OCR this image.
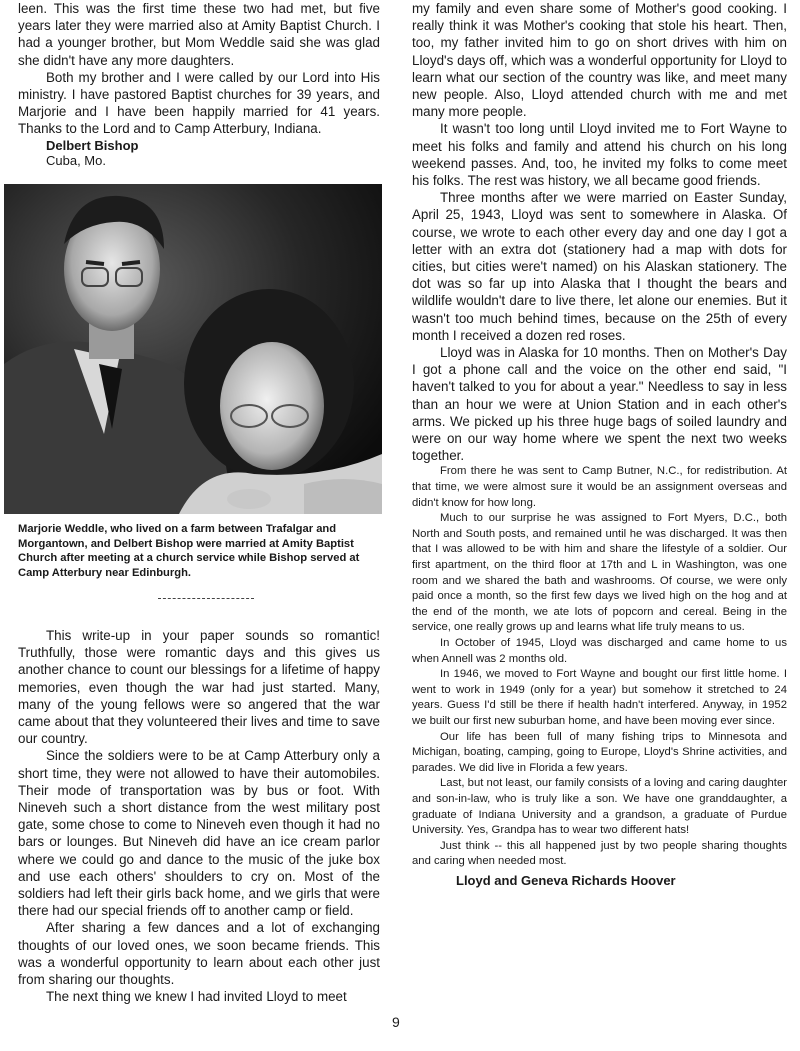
leen. This was the first time these two had met, but five years later they were married also at Amity Baptist Church. I had a younger brother, but Mom Weddle said she was glad she didn't have any more daughters.

Both my brother and I were called by our Lord into His ministry. I have pastored Baptist churches for 39 years, and Marjorie and I have been happily married for 41 years. Thanks to the Lord and to Camp Atterbury, Indiana.

Delbert Bishop
Cuba, Mo.
Marjorie Weddle, who lived on a farm between Trafalgar and Morgantown, and Delbert Bishop were married at Amity Baptist Church after meeting at a church service while Bishop served at Camp Atterbury near Edinburgh.

This write-up in your paper sounds so romantic! Truthfully, those were romantic days and this gives us another chance to count our blessings for a lifetime of happy memories, even though the war had just started. Many, many of the young fellows were so angered that the war came about that they volunteered their lives and time to save our country.

Since the soldiers were to be at Camp Atterbury only a short time, they were not allowed to have their automobiles. Their mode of transportation was by bus or foot. With Nineveh such a short distance from the west military post gate, some chose to come to Nineveh even though it had no bars or lounges. But Nineveh did have an ice cream parlor where we could go and dance to the music of the juke box and use each others' shoulders to cry on. Most of the soldiers had left their girls back home, and we girls that were there had our special friends off to another camp or field.

After sharing a few dances and a lot of exchanging thoughts of our loved ones, we soon became friends. This was a wonderful opportunity to learn about each other just from sharing our thoughts.

The next thing we knew I had invited Lloyd to meet

my family and even share some of Mother's good cooking. I really think it was Mother's cooking that stole his heart. Then, too, my father invited him to go on short drives with him on Lloyd's days off, which was a wonderful opportunity for Lloyd to learn what our section of the country was like, and meet many new people. Also, Lloyd attended church with me and met many more people.

It wasn't too long until Lloyd invited me to Fort Wayne to meet his folks and family and attend his church on his long weekend passes. And, too, he invited my folks to come meet his folks. The rest was history, we all became good friends.

Three months after we were married on Easter Sunday, April 25, 1943, Lloyd was sent to somewhere in Alaska. Of course, we wrote to each other every day and one day I got a letter with an extra dot (stationery had a map with dots for cities, but cities were't named) on his Alaskan stationery. The dot was so far up into Alaska that I thought the bears and wildlife wouldn't dare to live there, let alone our enemies. But it wasn't too much behind times, because on the 25th of every month I received a dozen red roses.

Lloyd was in Alaska for 10 months. Then on Mother's Day I got a phone call and the voice on the other end said, "I haven't talked to you for about a year." Needless to say in less than an hour we were at Union Station and in each other's arms. We picked up his three huge bags of soiled laundry and were on our way home where we spent the next two weeks together.

From there he was sent to Camp Butner, N.C., for redistribution. At that time, we were almost sure it would be an assignment overseas and didn't know for how long.

Much to our surprise he was assigned to Fort Myers, D.C., both North and South posts, and remained until he was discharged. It was then that I was allowed to be with him and share the lifestyle of a soldier. Our first apartment, on the third floor at 17th and L in Washington, was one room and we shared the bath and washrooms. Of course, we were only paid once a month, so the first few days we lived high on the hog and at the end of the month, we ate lots of popcorn and cereal. Being in the service, one really grows up and learns what life truly means to us.

In October of 1945, Lloyd was discharged and came home to us when Annell was 2 months old.

In 1946, we moved to Fort Wayne and bought our first little home. I went to work in 1949 (only for a year) but somehow it stretched to 24 years. Guess I'd still be there if health hadn't interfered. Anyway, in 1952 we built our first new suburban home, and have been moving ever since.

Our life has been full of many fishing trips to Minnesota and Michigan, boating, camping, going to Europe, Lloyd's Shrine activities, and parades. We did live in Florida a few years.

Last, but not least, our family consists of a loving and caring daughter and son-in-law, who is truly like a son. We have one granddaughter, a graduate of Indiana University and a grandson, a graduate of Purdue University. Yes, Grandpa has to wear two different hats!

Just think -- this all happened just by two people sharing thoughts and caring when needed most.

Lloyd and Geneva Richards Hoover
9
